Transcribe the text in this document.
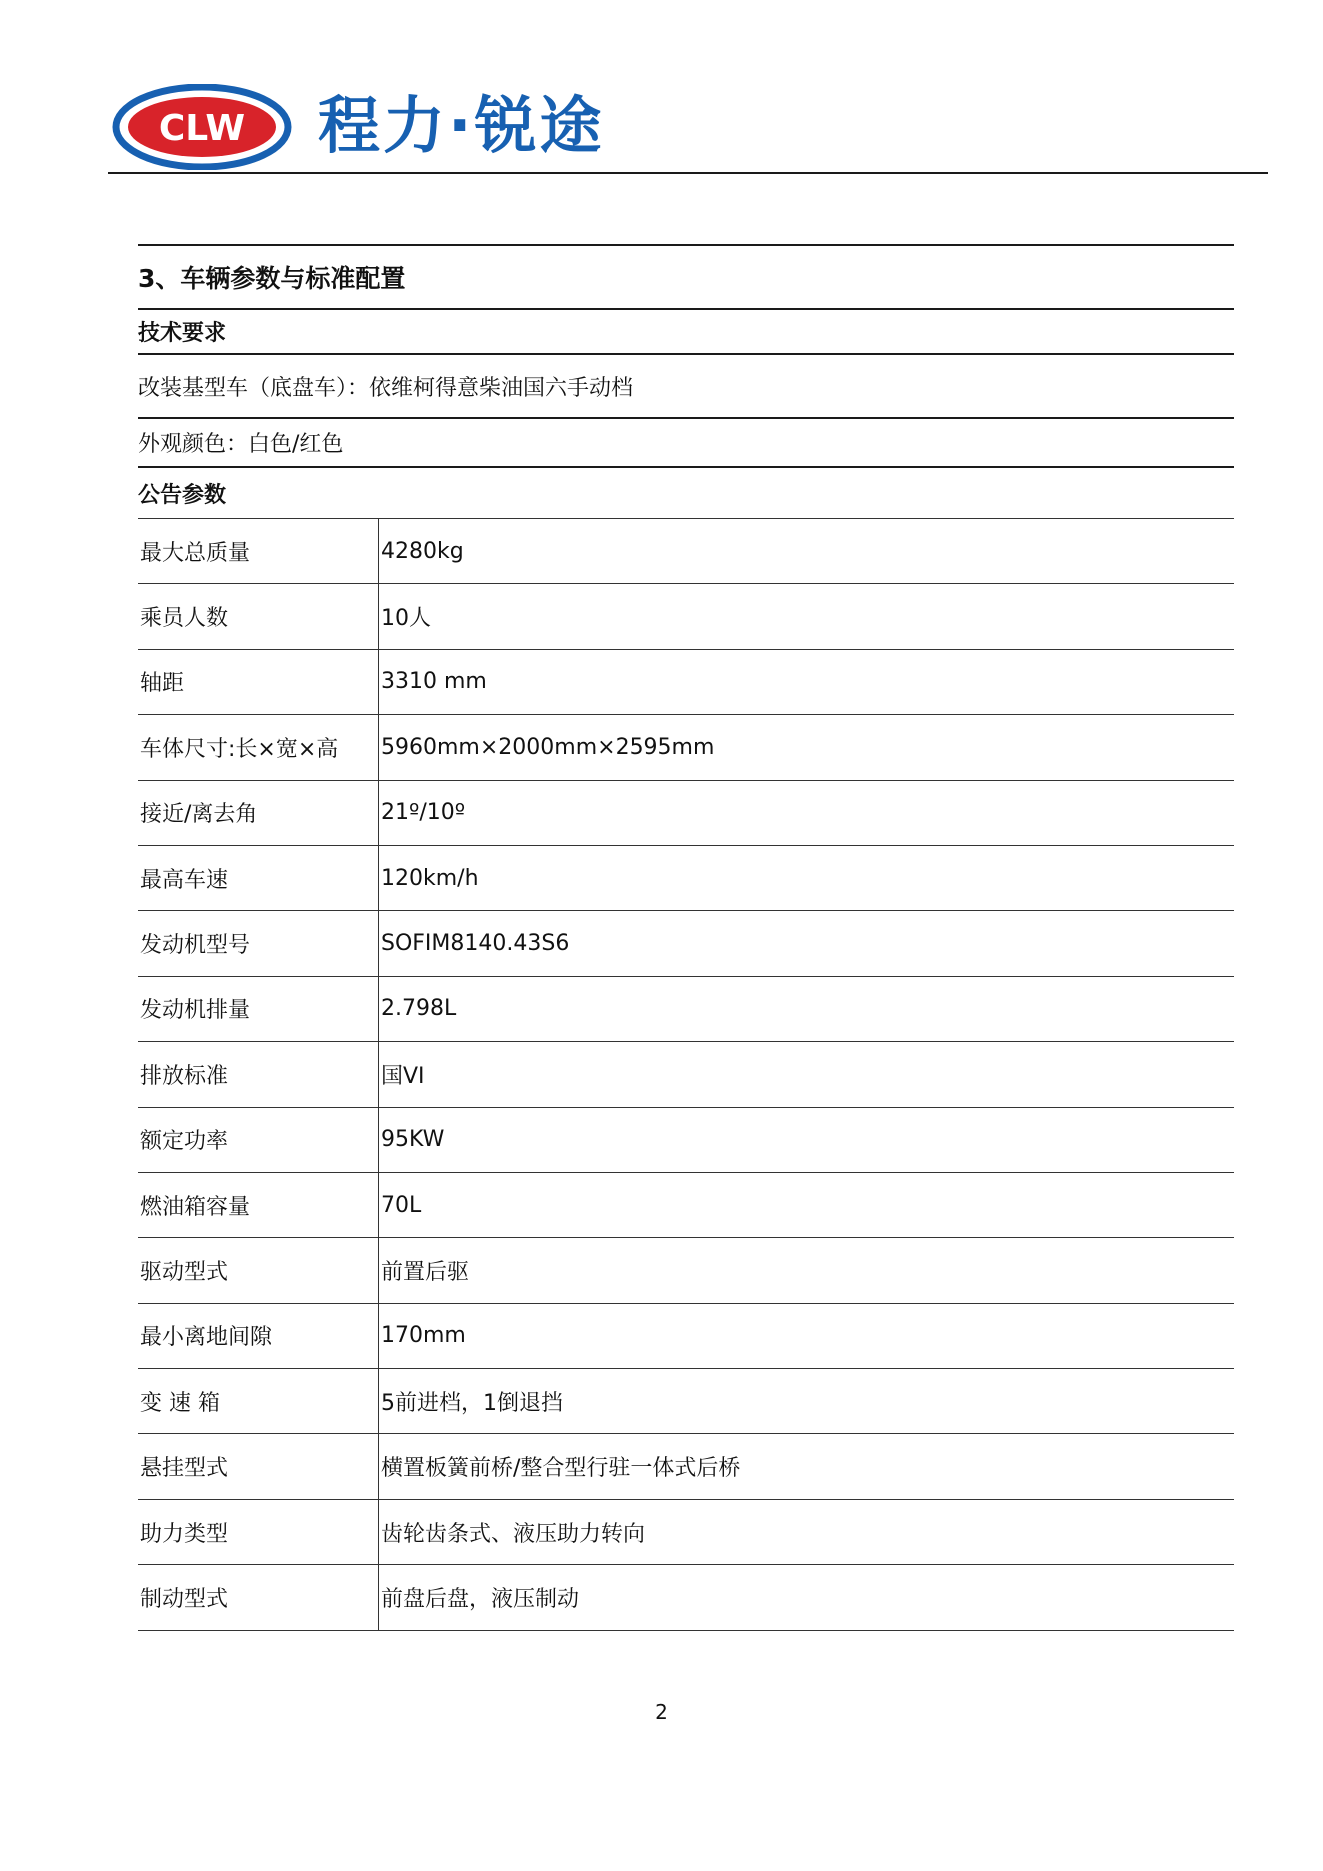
CLW 程力·锐途
3、车辆参数与标准配置
技术要求
改装基型车（底盘车）：依维柯得意柴油国六手动档
外观颜色：白色/红色
公告参数
最大总质量	4280kg
乘员人数	10人
轴距	3310 mm
车体尺寸:长×宽×高	5960mm×2000mm×2595mm
接近/离去角	21º/10º
最高车速	120km/h
发动机型号	SOFIM8140.43S6
发动机排量	2.798L
排放标准	国VI
额定功率	95KW
燃油箱容量	70L
驱动型式	前置后驱
最小离地间隙	170mm
变 速 箱	5前进档，1倒退挡
悬挂型式	横置板簧前桥/整合型行驻一体式后桥
助力类型	齿轮齿条式、液压助力转向
制动型式	前盘后盘，液压制动
2
